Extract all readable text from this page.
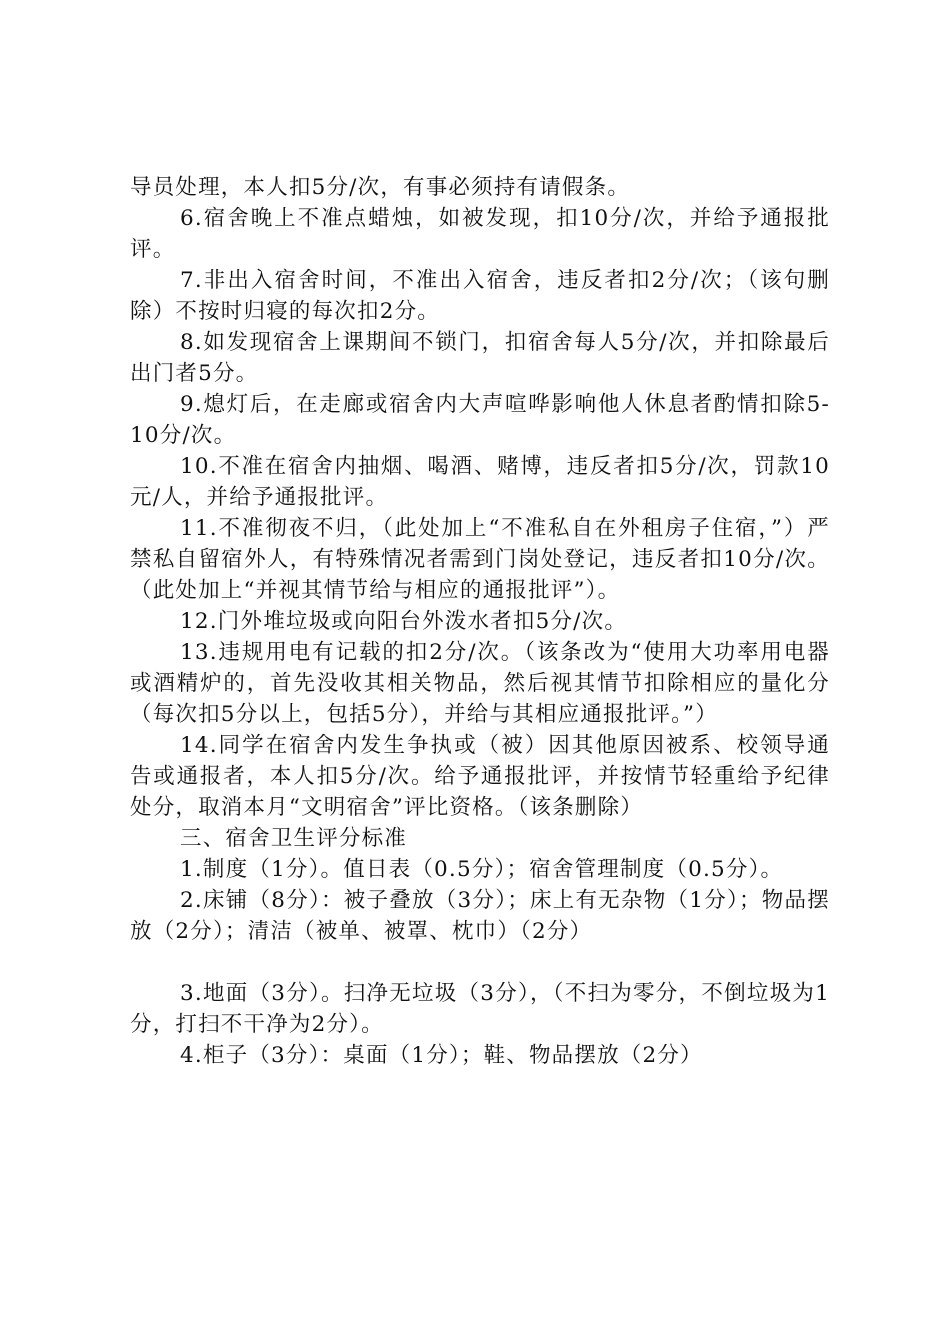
导员处理，本人扣5分/次，有事必须持有请假条。

6.宿舍晚上不准点蜡烛，如被发现，扣10分/次，并给予通报批评。

7.非出入宿舍时间，不准出入宿舍，违反者扣2分/次；（该句删除）不按时归寝的每次扣2分。

8.如发现宿舍上课期间不锁门，扣宿舍每人5分/次，并扣除最后出门者5分。

9.熄灯后，在走廊或宿舍内大声喧哗影响他人休息者酌情扣除5-10分/次。

10.不准在宿舍内抽烟、喝酒、赌博，违反者扣5分/次，罚款10元/人，并给予通报批评。

11.不准彻夜不归，（此处加上“不准私自在外租房子住宿，”）严禁私自留宿外人，有特殊情况者需到门岗处登记，违反者扣10分/次。（此处加上“并视其情节给与相应的通报批评”）。

12.门外堆垃圾或向阳台外泼水者扣5分/次。

13.违规用电有记载的扣2分/次。（该条改为“使用大功率用电器或酒精炉的，首先没收其相关物品，然后视其情节扣除相应的量化分（每次扣5分以上，包括5分），并给与其相应通报批评。”）

14.同学在宿舍内发生争执或（被）因其他原因被系、校领导通告或通报者，本人扣5分/次。给予通报批评，并按情节轻重给予纪律处分，取消本月“文明宿舍”评比资格。（该条删除）

三、宿舍卫生评分标准

1.制度（1分）。值日表（0.5分）；宿舍管理制度（0.5分）。

2.床铺（8分）：被子叠放（3分）；床上有无杂物（1分）；物品摆放（2分）；清洁（被单、被罩、枕巾）（2分）

3.地面（3分）。扫净无垃圾（3分），（不扫为零分，不倒垃圾为1分，打扫不干净为2分）。

4.柜子（3分）：桌面（1分）；鞋、物品摆放（2分）
